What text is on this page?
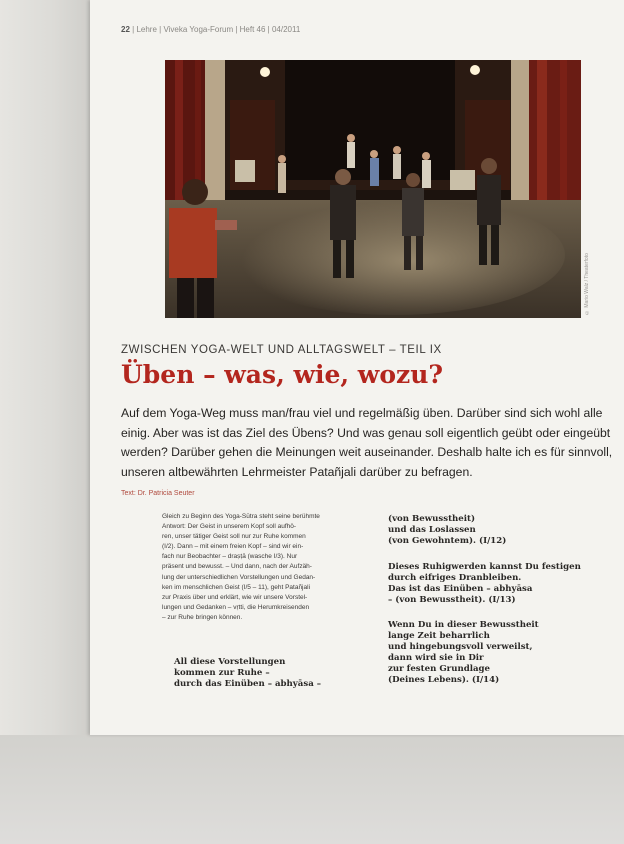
22 | Lehre | Viveka Yoga-Forum | Heft 46 | 04/2011
© Mario Walz / Theaterfoto
ZWISCHEN YOGA-WELT UND ALLTAGSWELT – TEIL IX
Üben – was, wie, wozu?
Auf dem Yoga-Weg muss man/frau viel und regelmäßig üben. Darüber sind sich wohl alle
einig. Aber was ist das Ziel des Übens? Und was genau soll eigentlich geübt oder eingeübt
werden? Darüber gehen die Meinungen weit auseinander. Deshalb halte ich es für sinnvoll,
unseren altbewährten Lehrmeister Patañjali darüber zu befragen.
Text: Dr. Patricia Seuter
Gleich zu Beginn des Yoga-Sūtra steht seine berühmte
Antwort: Der Geist in unserem Kopf soll aufhö-
ren, unser tätiger Geist soll nur zur Ruhe kommen
(I/2). Dann – mit einem freien Kopf – sind wir ein-
fach nur Beobachter – draṣṭā (wasche I/3). Nur
präsent und bewusst. – Und dann, nach der Aufzäh-
lung der unterschiedlichen Vorstellungen und Gedan-
ken im menschlichen Geist (I/5 – 11), geht Patañjali
zur Praxis über und erklärt, wie wir unsere Vorstel-
lungen und Gedanken – vṛtti, die Herumkreisenden
– zur Ruhe bringen können.
All diese Vorstellungen
kommen zur Ruhe –
durch das Einüben – abhyāsa –
(von Bewusstheit)
und das Loslassen
(von Gewohntem). (I/12)
Dieses Ruhigwerden kannst Du festigen
durch eifriges Dranbleiben.
Das ist das Einüben – abhyāsa
– (von Bewusstheit). (I/13)
Wenn Du in dieser Bewusstheit
lange Zeit beharrlich
und hingebungsvoll verweilst,
dann wird sie in Dir
zur festen Grundlage
(Deines Lebens). (I/14)
